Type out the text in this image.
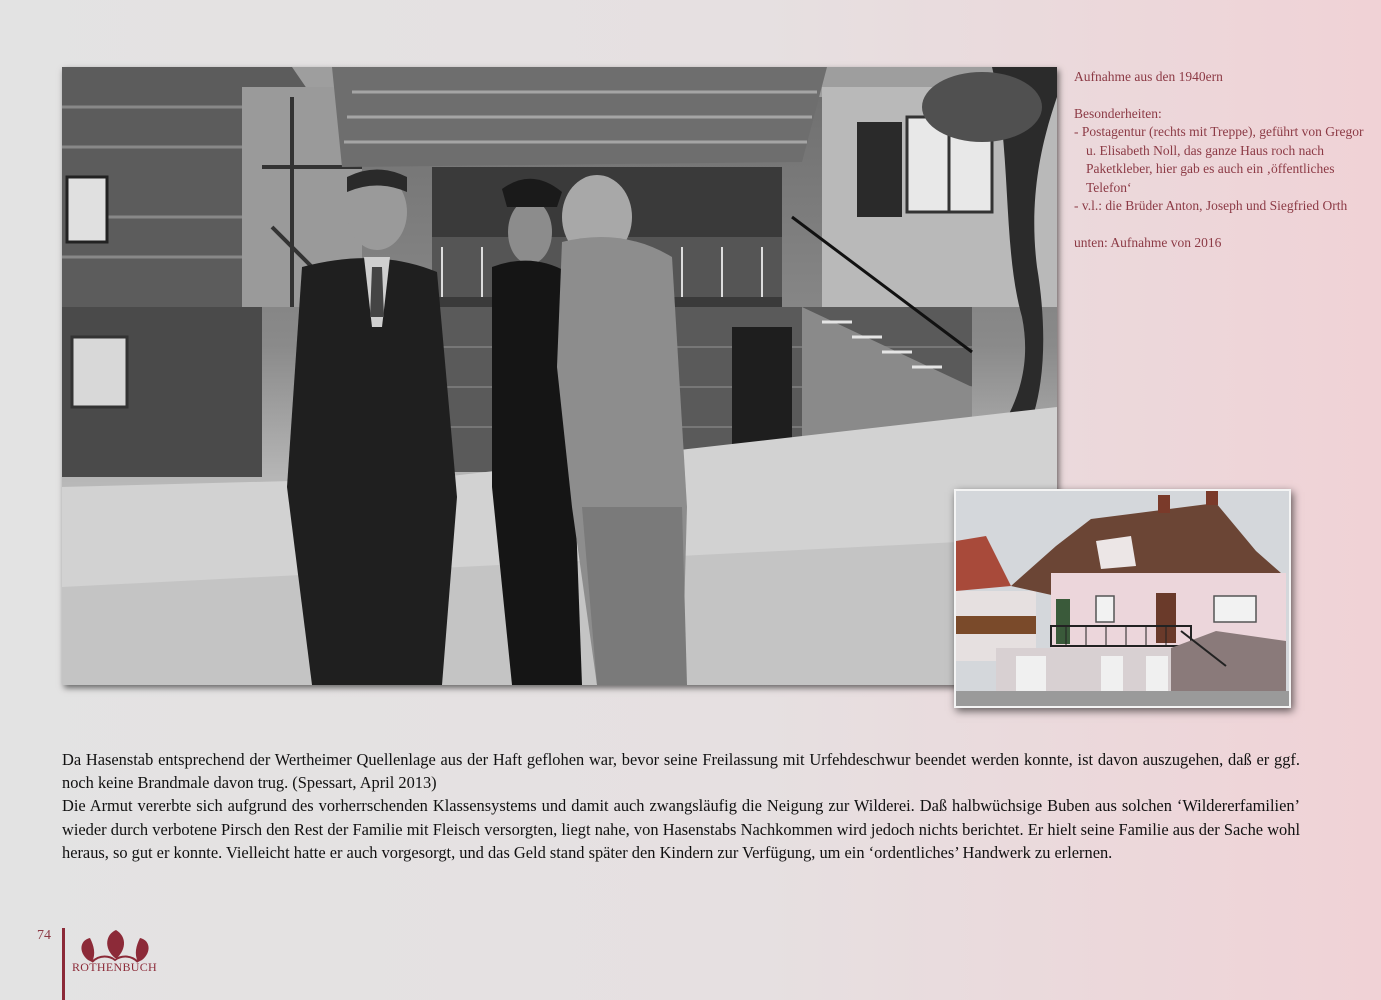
Aufnahme aus den 1940ern

Besonderheiten:

- Postagentur (rechts mit Treppe), geführt von Gregor u. Elisabeth Noll, das ganze Haus roch nach Paketkleber, hier gab es auch ein ‚öffentliches Telefon‘

- v.l.: die Brüder Anton, Joseph und Siegfried Orth

unten: Aufnahme von 2016

Da Hasenstab entsprechend der Wertheimer Quellenlage aus der Haft geflohen war, bevor seine Freilassung mit Urfehdeschwur beendet werden konnte, ist davon auszugehen, daß er ggf. noch keine Brandmale davon trug. (Spessart, April 2013)

Die Armut vererbte sich aufgrund des vorherrschenden Klassensystems und damit auch zwangsläufig die Neigung zur Wilderei. Daß halbwüchsige Buben aus solchen ‘Wildererfamilien’ wieder durch verbotene Pirsch den Rest der Familie mit Fleisch versorgten, liegt nahe, von Hasenstabs Nachkommen wird jedoch nichts berichtet. Er hielt seine Familie aus der Sache wohl heraus, so gut er konnte. Vielleicht hatte er auch vorgesorgt, und das Geld stand später den Kindern zur Verfügung, um ein ‘ordentliches’ Handwerk zu erlernen.

74
ROTHENBUCH
